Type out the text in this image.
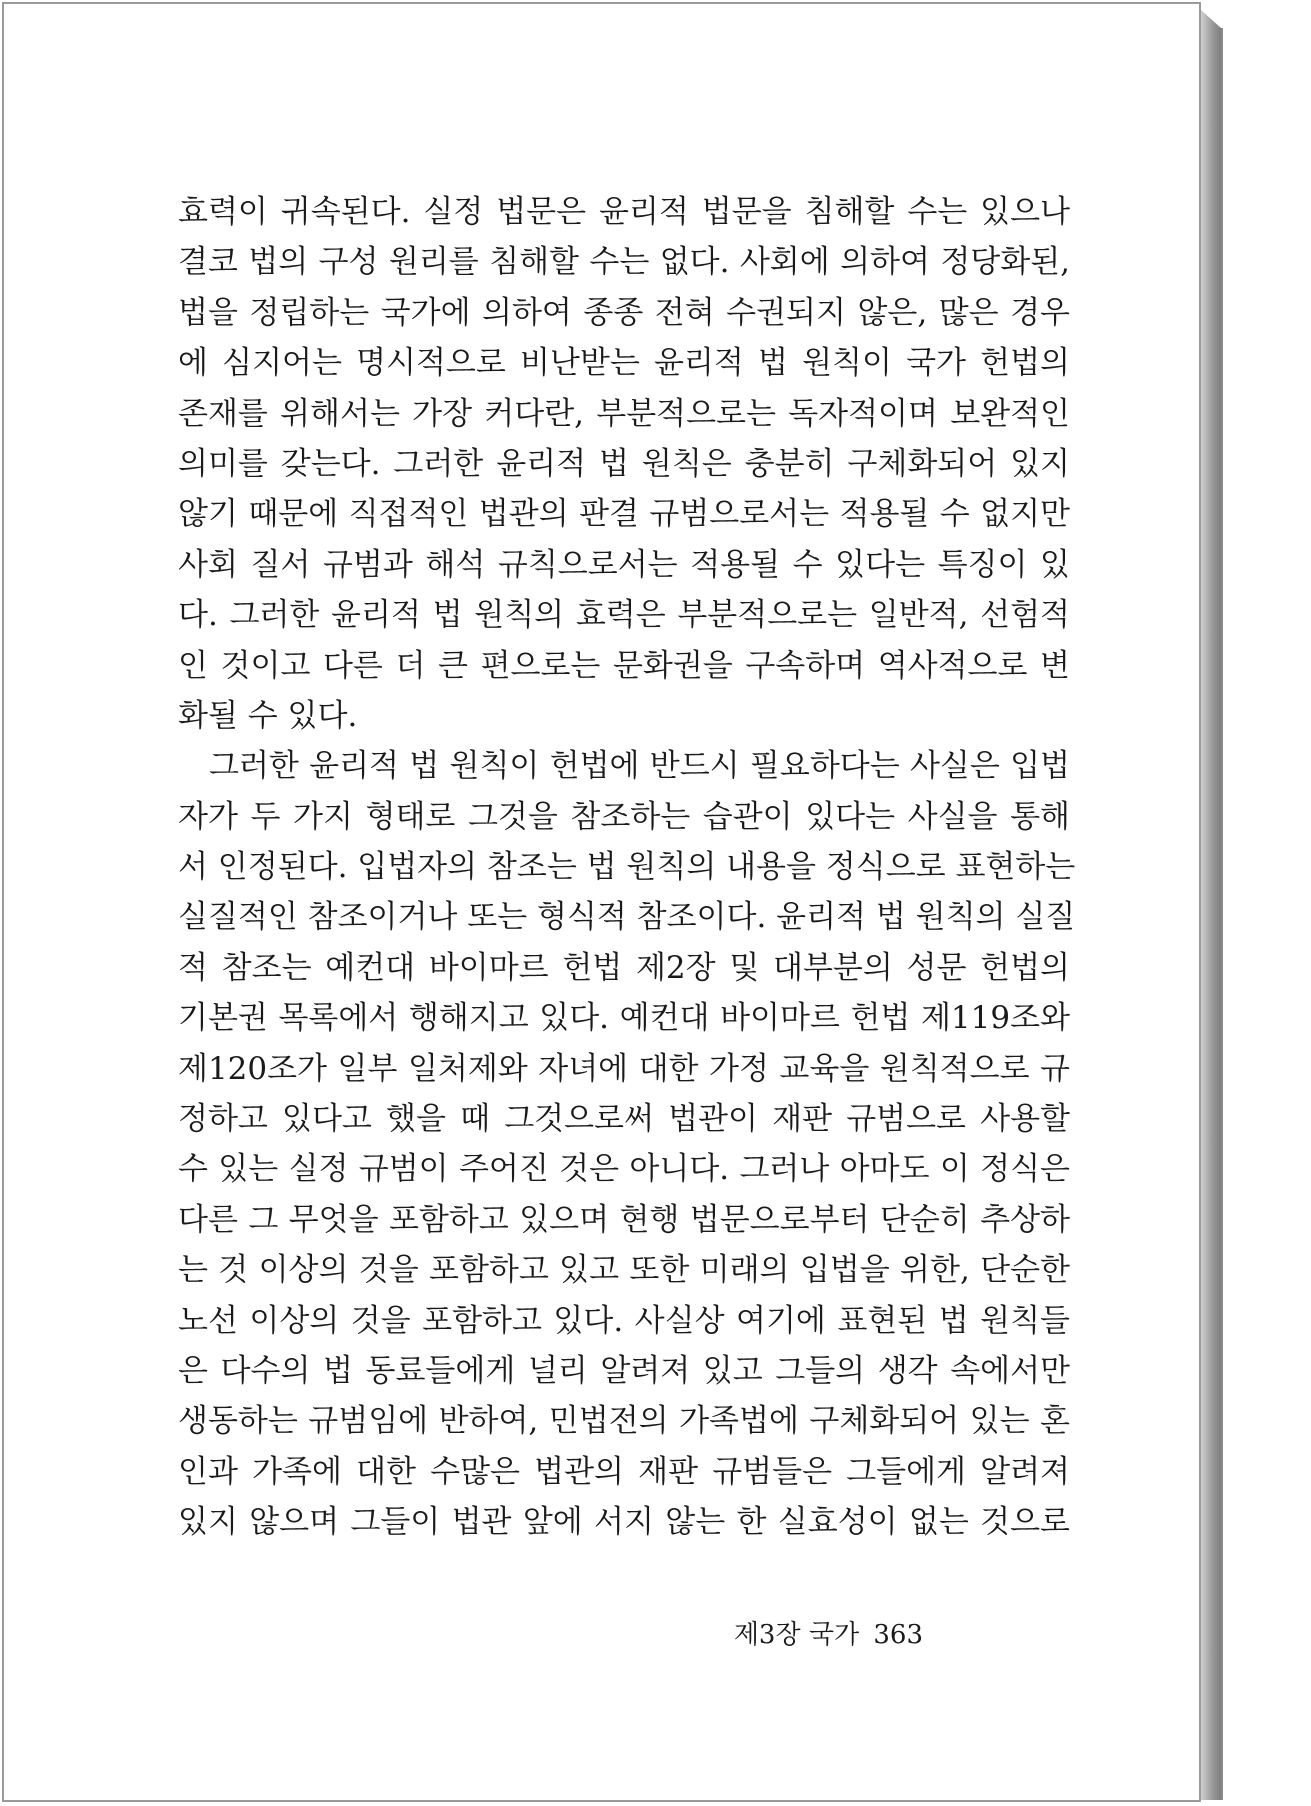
효력이 귀속된다. 실정 법문은 윤리적 법문을 침해할 수는 있으나
결코 법의 구성 원리를 침해할 수는 없다. 사회에 의하여 정당화된,
법을 정립하는 국가에 의하여 종종 전혀 수권되지 않은, 많은 경우
에 심지어는 명시적으로 비난받는 윤리적 법 원칙이 국가 헌법의
존재를 위해서는 가장 커다란, 부분적으로는 독자적이며 보완적인
의미를 갖는다. 그러한 윤리적 법 원칙은 충분히 구체화되어 있지
않기 때문에 직접적인 법관의 판결 규범으로서는 적용될 수 없지만
사회 질서 규범과 해석 규칙으로서는 적용될 수 있다는 특징이 있
다. 그러한 윤리적 법 원칙의 효력은 부분적으로는 일반적, 선험적
인 것이고 다른 더 큰 편으로는 문화권을 구속하며 역사적으로 변
화될 수 있다.
그러한 윤리적 법 원칙이 헌법에 반드시 필요하다는 사실은 입법
자가 두 가지 형태로 그것을 참조하는 습관이 있다는 사실을 통해
서 인정된다. 입법자의 참조는 법 원칙의 내용을 정식으로 표현하는
실질적인 참조이거나 또는 형식적 참조이다. 윤리적 법 원칙의 실질
적 참조는 예컨대 바이마르 헌법 제2장 및 대부분의 성문 헌법의
기본권 목록에서 행해지고 있다. 예컨대 바이마르 헌법 제119조와
제120조가 일부 일처제와 자녀에 대한 가정 교육을 원칙적으로 규
정하고 있다고 했을 때 그것으로써 법관이 재판 규범으로 사용할
수 있는 실정 규범이 주어진 것은 아니다. 그러나 아마도 이 정식은
다른 그 무엇을 포함하고 있으며 현행 법문으로부터 단순히 추상하
는 것 이상의 것을 포함하고 있고 또한 미래의 입법을 위한, 단순한
노선 이상의 것을 포함하고 있다. 사실상 여기에 표현된 법 원칙들
은 다수의 법 동료들에게 널리 알려져 있고 그들의 생각 속에서만
생동하는 규범임에 반하여, 민법전의 가족법에 구체화되어 있는 혼
인과 가족에 대한 수많은 법관의 재판 규범들은 그들에게 알려져
있지 않으며 그들이 법관 앞에 서지 않는 한 실효성이 없는 것으로
제3장 국가 363
